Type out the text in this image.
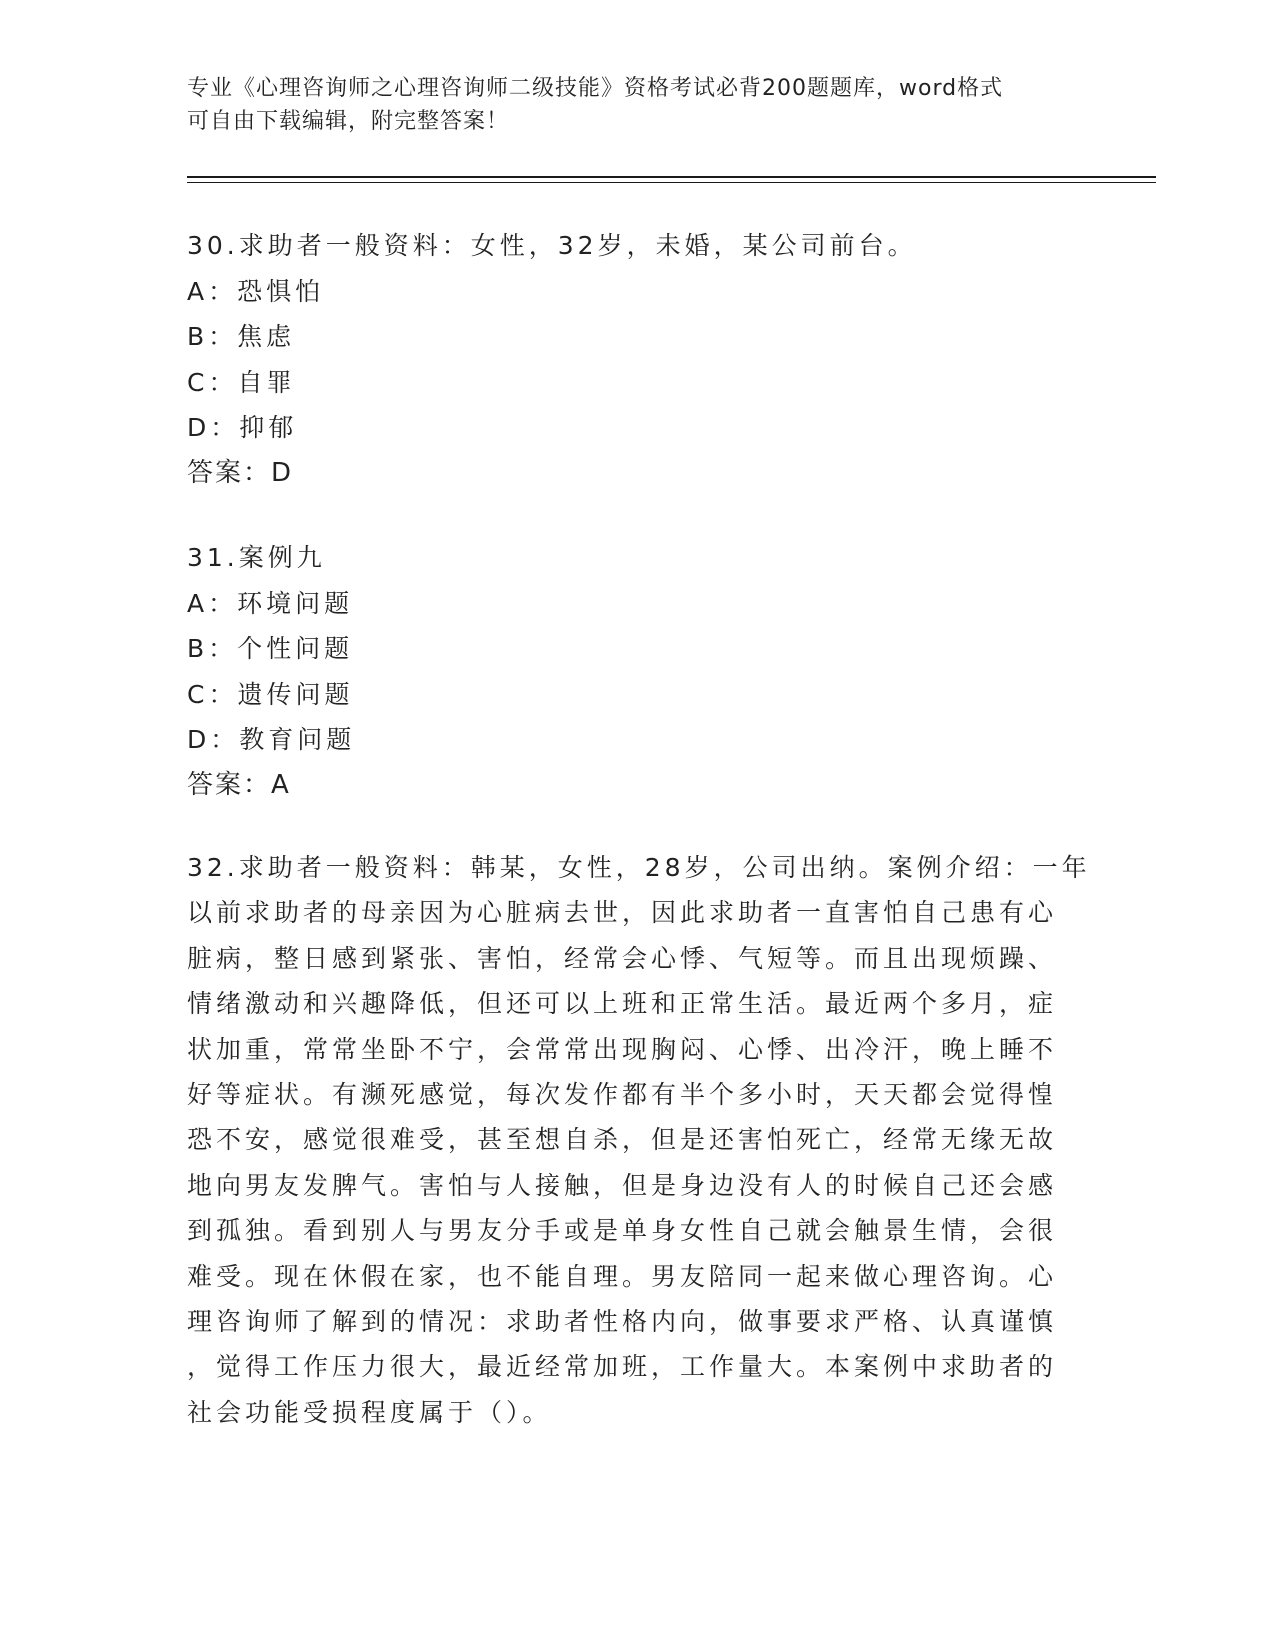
专业《心理咨询师之心理咨询师二级技能》资格考试必背200题题库，word格式
可自由下载编辑，附完整答案！
30.求助者一般资料：女性，32岁，未婚，某公司前台。
A：恐惧怕
B：焦虑
C：自罪
D：抑郁
答案：D
31.案例九
A：环境问题
B：个性问题
C：遗传问题
D：教育问题
答案：A
32.求助者一般资料：韩某，女性，28岁，公司出纳。案例介绍：一年
以前求助者的母亲因为心脏病去世，因此求助者一直害怕自己患有心
脏病，整日感到紧张、害怕，经常会心悸、气短等。而且出现烦躁、
情绪激动和兴趣降低，但还可以上班和正常生活。最近两个多月，症
状加重，常常坐卧不宁，会常常出现胸闷、心悸、出冷汗，晚上睡不
好等症状。有濒死感觉，每次发作都有半个多小时，天天都会觉得惶
恐不安，感觉很难受，甚至想自杀，但是还害怕死亡，经常无缘无故
地向男友发脾气。害怕与人接触，但是身边没有人的时候自己还会感
到孤独。看到别人与男友分手或是单身女性自己就会触景生情，会很
难受。现在休假在家，也不能自理。男友陪同一起来做心理咨询。心
理咨询师了解到的情况：求助者性格内向，做事要求严格、认真谨慎
，觉得工作压力很大，最近经常加班，工作量大。本案例中求助者的
社会功能受损程度属于（）。
